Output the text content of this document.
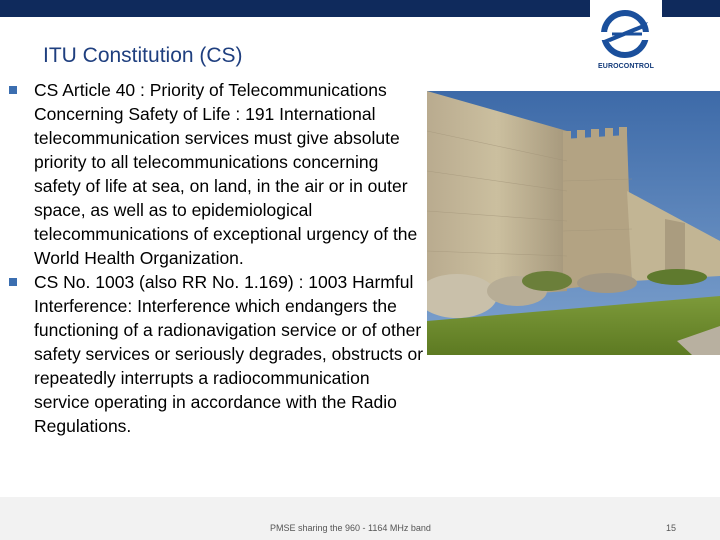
EUROCONTROL
ITU Constitution (CS)
CS Article 40 : Priority of Telecommunications Concerning Safety of Life : 191 International telecommunication services must give absolute priority to all telecommunications concerning safety of life at sea, on land, in the air or in outer space, as well as to epidemiological telecommunications of exceptional urgency of the World Health Organization.
CS No. 1003 (also RR No. 1.169) : 1003 Harmful Interference: Interference which endangers the functioning of a radionavigation service or of other safety services or seriously degrades, obstructs or repeatedly interrupts a radiocommunication service operating in accordance with the Radio Regulations.
PMSE sharing the 960 - 1164 MHz band	15
